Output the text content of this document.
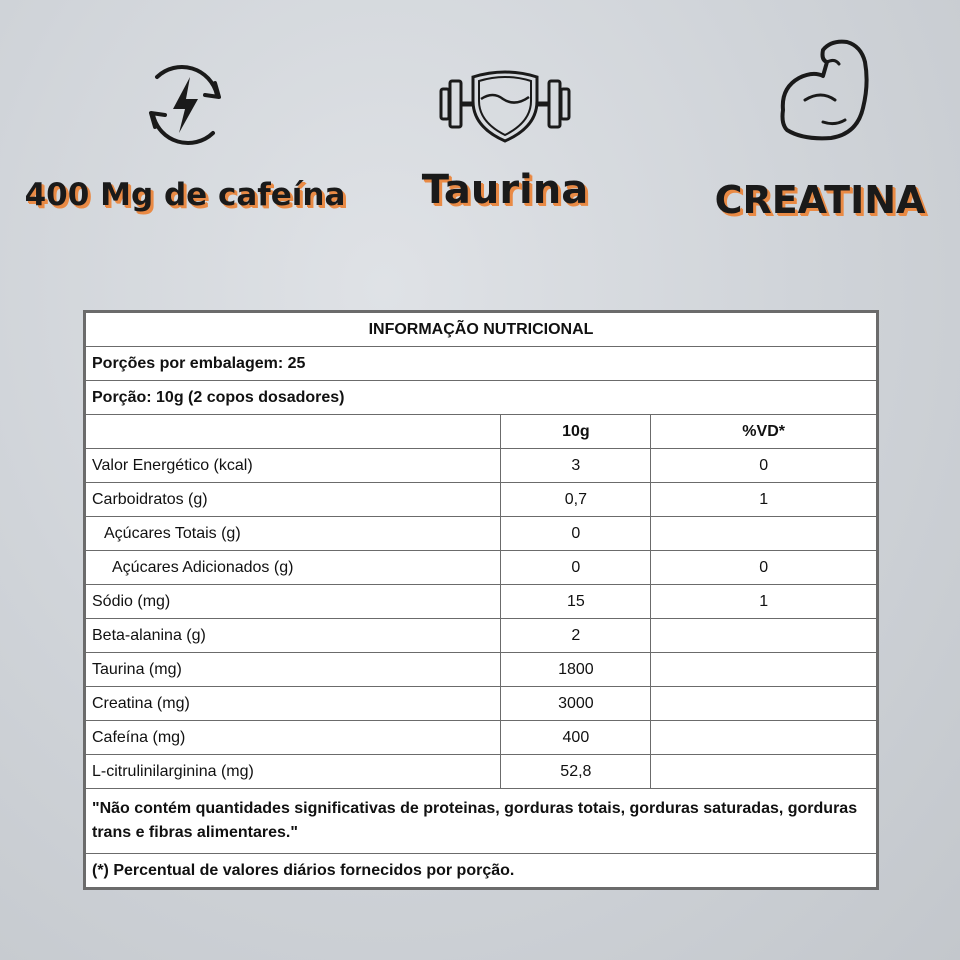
400 Mg de cafeína	Taurina	CREATINA
INFORMAÇÃO NUTRICIONAL		
Porções por embalagem: 25		
Porção: 10g (2 copos dosadores)		
	10g	%VD*
Valor Energético (kcal)	3	0
Carboidratos (g)	0,7	1
Açúcares Totais (g)	0	
Açúcares Adicionados (g)	0	0
Sódio (mg)	15	1
Beta-alanina (g)	2	
Taurina (mg)	1800	
Creatina (mg)	3000	
Cafeína (mg)	400	
L-citrulinilarginina (mg)	52,8	
"Não contém quantidades significativas de proteinas, gorduras totais, gorduras saturadas, gorduras trans e fibras alimentares."		
(*) Percentual de valores diários fornecidos por porção.		
